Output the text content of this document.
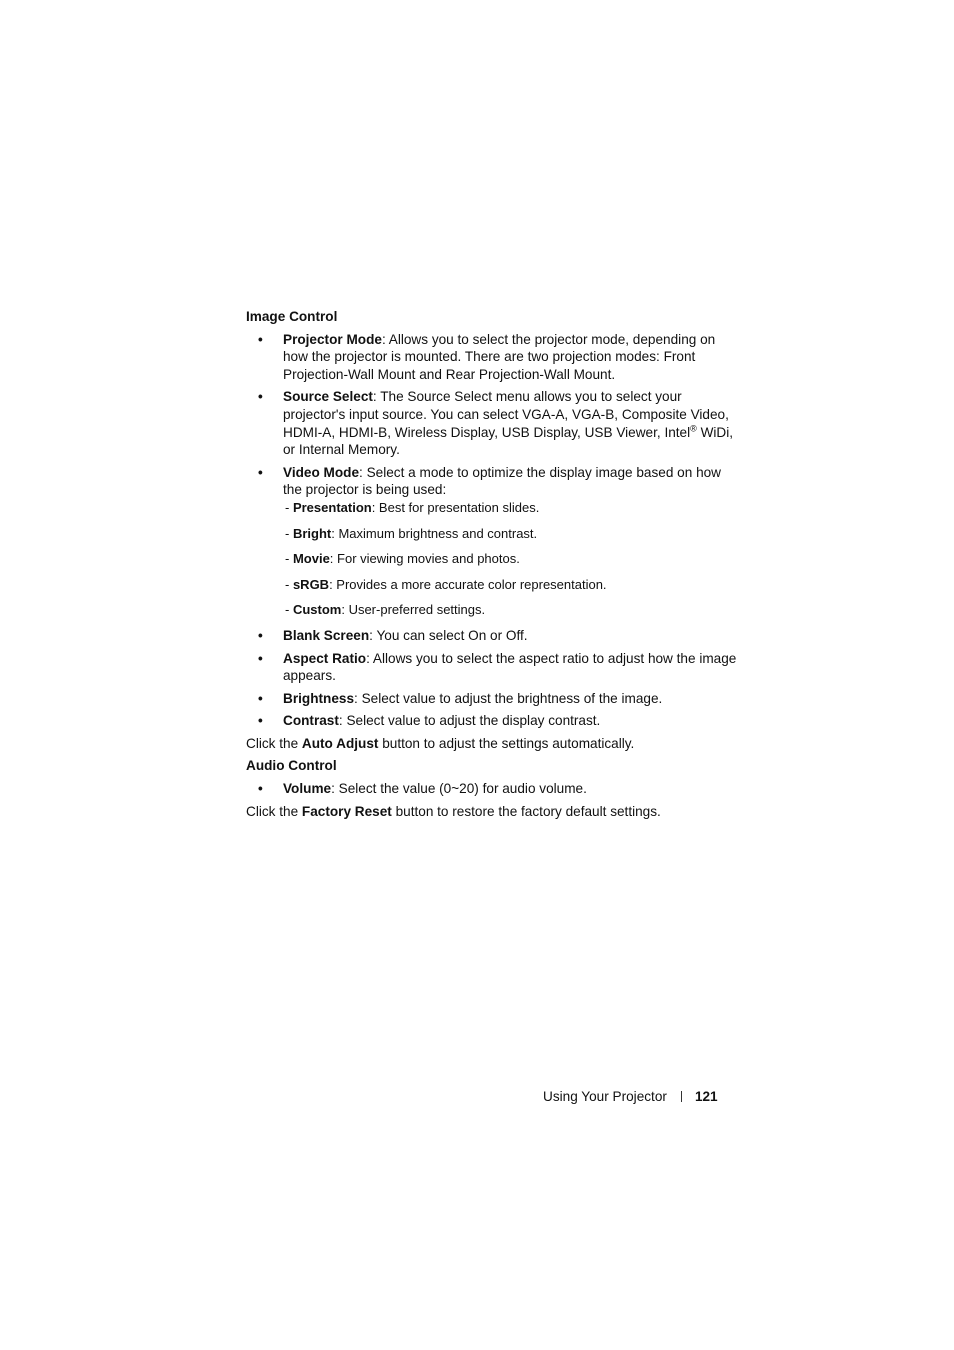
Image Control
• Projector Mode: Allows you to select the projector mode, depending on how the projector is mounted. There are two projection modes: Front Projection-Wall Mount and Rear Projection-Wall Mount.
• Source Select: The Source Select menu allows you to select your projector's input source. You can select VGA-A, VGA-B, Composite Video, HDMI-A, HDMI-B, Wireless Display, USB Display, USB Viewer, Intel® WiDi, or Internal Memory.
• Video Mode: Select a mode to optimize the display image based on how the projector is being used:
- Presentation: Best for presentation slides.
- Bright: Maximum brightness and contrast.
- Movie: For viewing movies and photos.
- sRGB: Provides a more accurate color representation.
- Custom: User-preferred settings.
• Blank Screen: You can select On or Off.
• Aspect Ratio: Allows you to select the aspect ratio to adjust how the image appears.
• Brightness: Select value to adjust the brightness of the image.
• Contrast: Select value to adjust the display contrast.
Click the Auto Adjust button to adjust the settings automatically.
Audio Control
• Volume: Select the value (0~20) for audio volume.
Click the Factory Reset button to restore the factory default settings.
Using Your Projector 121
